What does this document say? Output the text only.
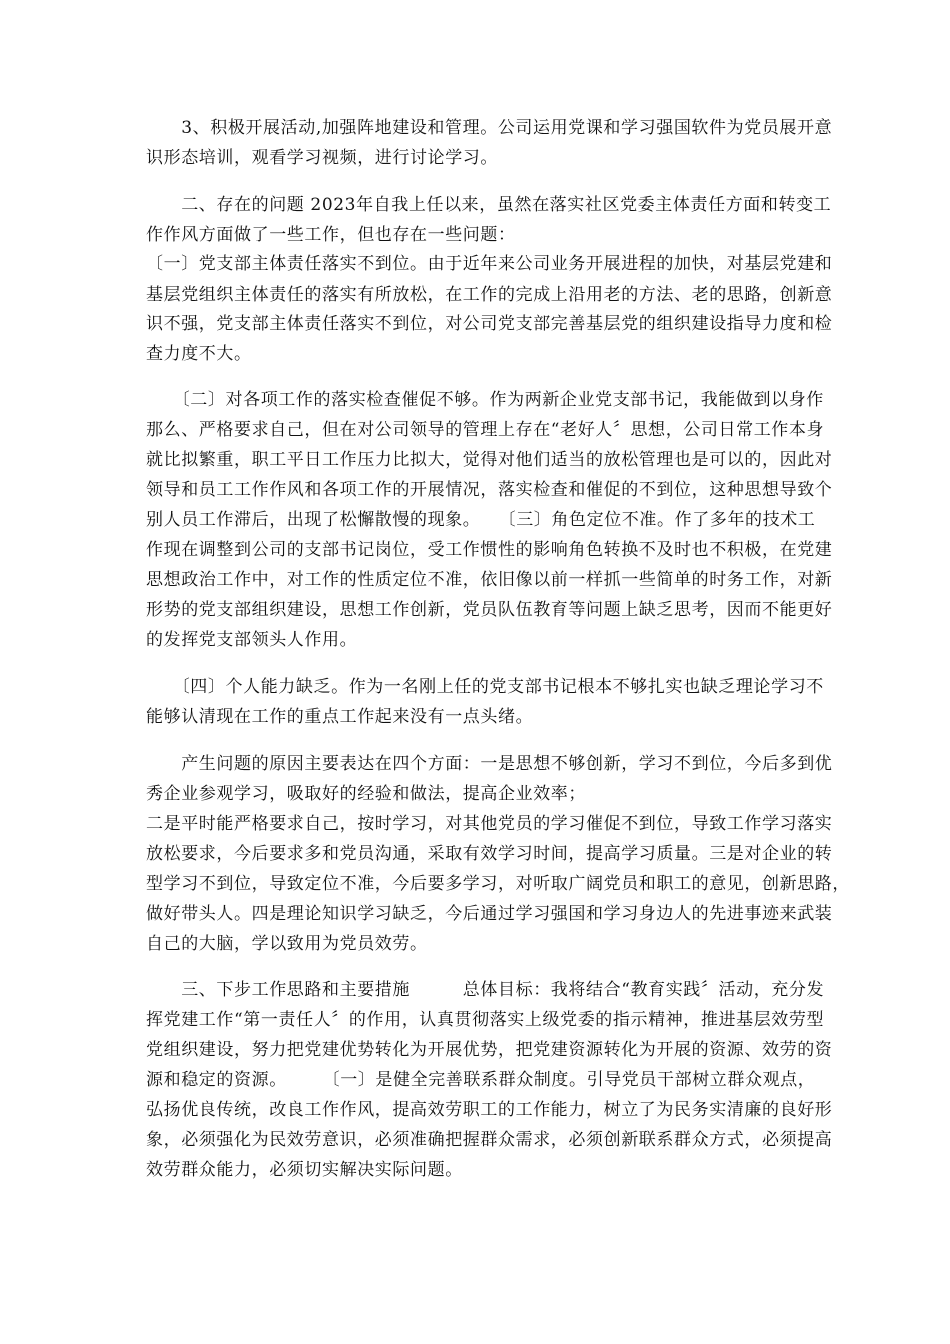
　　3、积极开展活动,加强阵地建设和管理。公司运用党课和学习强国软件为党员展开意
识形态培训，观看学习视频，进行讨论学习。
　　二、存在的问题 2023年自我上任以来，虽然在落实社区党委主体责任方面和转变工
作作风方面做了一些工作，但也存在一些问题：
〔一〕党支部主体责任落实不到位。由于近年来公司业务开展进程的加快，对基层党建和
基层党组织主体责任的落实有所放松，在工作的完成上沿用老的方法、老的思路，创新意
识不强，党支部主体责任落实不到位，对公司党支部完善基层党的组织建设指导力度和检
查力度不大。
　　〔二〕对各项工作的落实检查催促不够。作为两新企业党支部书记，我能做到以身作
那么、严格要求自己，但在对公司领导的管理上存在“老好人〞思想，公司日常工作本身
就比拟繁重，职工平日工作压力比拟大，觉得对他们适当的放松管理也是可以的，因此对
领导和员工工作作风和各项工作的开展情况，落实检查和催促的不到位，这种思想导致个
别人员工作滞后，出现了松懈散慢的现象。　　〔三〕角色定位不准。作了多年的技术工
作现在调整到公司的支部书记岗位，受工作惯性的影响角色转换不及时也不积极，在党建
思想政治工作中，对工作的性质定位不准，依旧像以前一样抓一些简单的时务工作，对新
形势的党支部组织建设，思想工作创新，党员队伍教育等问题上缺乏思考，因而不能更好
的发挥党支部领头人作用。
　　〔四〕个人能力缺乏。作为一名刚上任的党支部书记根本不够扎实也缺乏理论学习不
能够认清现在工作的重点工作起来没有一点头绪。
　　产生问题的原因主要表达在四个方面：一是思想不够创新，学习不到位，今后多到优
秀企业参观学习，吸取好的经验和做法，提高企业效率；
二是平时能严格要求自己，按时学习，对其他党员的学习催促不到位，导致工作学习落实
放松要求，今后要求多和党员沟通，采取有效学习时间，提高学习质量。三是对企业的转
型学习不到位，导致定位不准，今后要多学习，对听取广阔党员和职工的意见，创新思路，
做好带头人。四是理论知识学习缺乏，今后通过学习强国和学习身边人的先进事迹来武装
自己的大脑，学以致用为党员效劳。
　　三、下步工作思路和主要措施　　　总体目标：我将结合“教育实践〞活动，充分发
挥党建工作“第一责任人〞的作用，认真贯彻落实上级党委的指示精神，推进基层效劳型
党组织建设，努力把党建优势转化为开展优势，把党建资源转化为开展的资源、效劳的资
源和稳定的资源。　　　〔一〕是健全完善联系群众制度。引导党员干部树立群众观点，
弘扬优良传统，改良工作作风，提高效劳职工的工作能力，树立了为民务实清廉的良好形
象，必须强化为民效劳意识，必须准确把握群众需求，必须创新联系群众方式，必须提高
效劳群众能力，必须切实解决实际问题。
